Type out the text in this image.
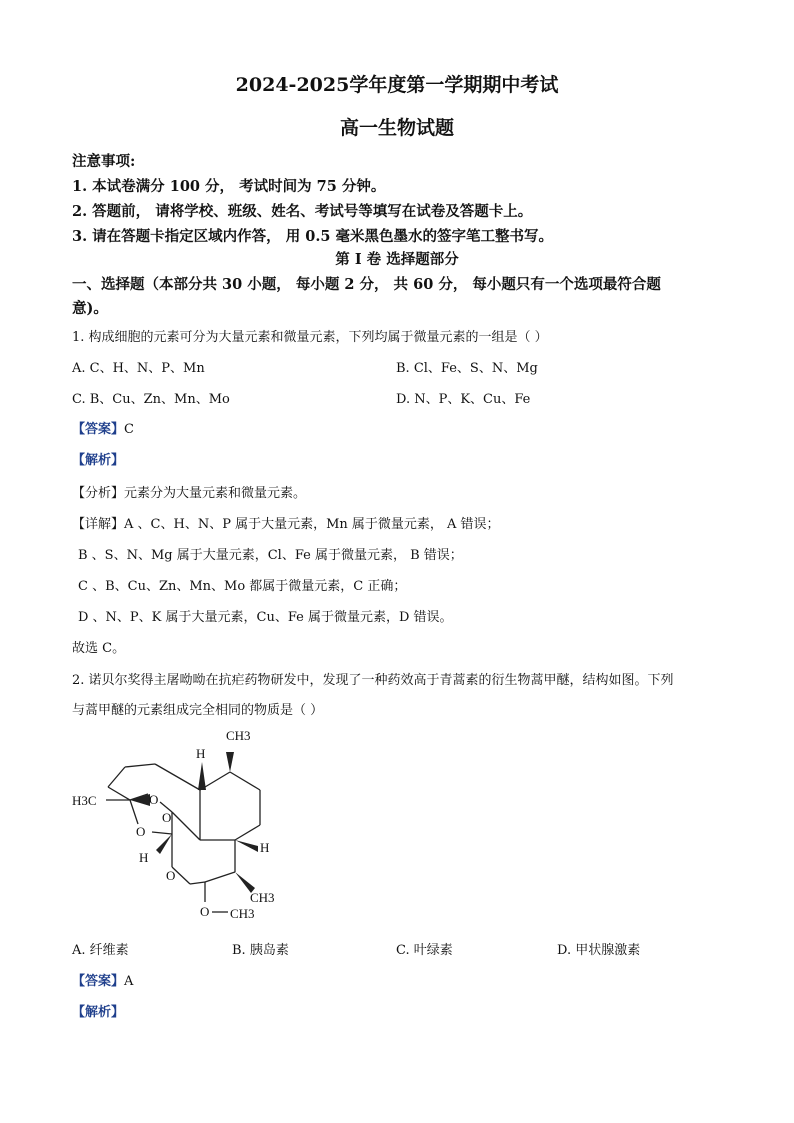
2024-2025学年度第一学期期中考试
高一生物试题
注意事项:
1. 本试卷满分 100 分， 考试时间为 75 分钟。
2. 答题前， 请将学校、班级、姓名、考试号等填写在试卷及答题卡上。
3. 请在答题卡指定区域内作答， 用 0.5 毫米黑色墨水的签字笔工整书写。
第 I 卷 选择题部分
一、选择题（本部分共 30 小题， 每小题 2 分， 共 60 分， 每小题只有一个选项最符合题
意)。
1. 构成细胞的元素可分为大量元素和微量元素，下列均属于微量元素的一组是（ ）
A. C、H、N、P、Mn	B. Cl、Fe、S、N、Mg
C. B、Cu、Zn、Mn、Mo	D. N、P、K、Cu、Fe
【答案】C
【解析】
【分析】元素分为大量元素和微量元素。
【详解】A 、C、H、N、P 属于大量元素，Mn 属于微量元素， A 错误；
B 、S、N、Mg 属于大量元素，Cl、Fe 属于微量元素， B 错误；
C 、B、Cu、Zn、Mn、Mo 都属于微量元素，C 正确；
D 、N、P、K 属于大量元素，Cu、Fe 属于微量元素，D 错误。
故选 C。
2. 诺贝尔奖得主屠呦呦在抗疟药物研发中，发现了一种药效高于青蒿素的衍生物蒿甲醚，结构如图。下列
与蒿甲醚的元素组成完全相同的物质是（ ）
CH3
H
H3C	O
O
O
H
O
H
CH3
O CH3
A. 纤维素	B. 胰岛素	C. 叶绿素	D. 甲状腺激素
【答案】A
【解析】
